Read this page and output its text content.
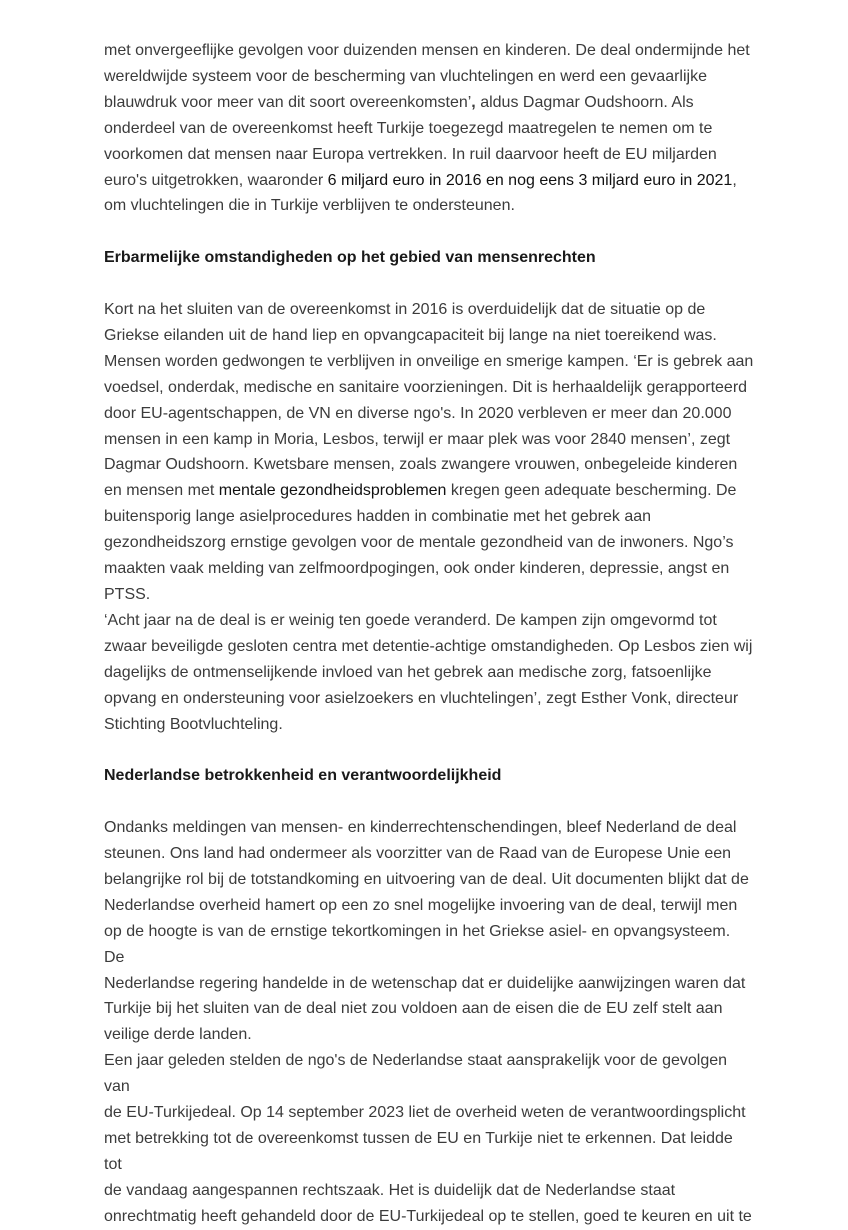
met onvergeeflijke gevolgen voor duizenden mensen en kinderen. De deal ondermijnde het
wereldwijde systeem voor de bescherming van vluchtelingen en werd een gevaarlijke
blauwdruk voor meer van dit soort overeenkomsten’, aldus Dagmar Oudshoorn. Als
onderdeel van de overeenkomst heeft Turkije toegezegd maatregelen te nemen om te
voorkomen dat mensen naar Europa vertrekken. In ruil daarvoor heeft de EU miljarden
euro's uitgetrokken, waaronder 6 miljard euro in 2016 en nog eens 3 miljard euro in 2021,
om vluchtelingen die in Turkije verblijven te ondersteunen.

Erbarmelijke omstandigheden op het gebied van mensenrechten

Kort na het sluiten van de overeenkomst in 2016 is overduidelijk dat de situatie op de
Griekse eilanden uit de hand liep en opvangcapaciteit bij lange na niet toereikend was.
Mensen worden gedwongen te verblijven in onveilige en smerige kampen. ‘Er is gebrek aan
voedsel, onderdak, medische en sanitaire voorzieningen. Dit is herhaaldelijk gerapporteerd
door EU-agentschappen, de VN en diverse ngo's. In 2020 verbleven er meer dan 20.000
mensen in een kamp in Moria, Lesbos, terwijl er maar plek was voor 2840 mensen’, zegt
Dagmar Oudshoorn. Kwetsbare mensen, zoals zwangere vrouwen, onbegeleide kinderen
en mensen met mentale gezondheidsproblemen kregen geen adequate bescherming. De
buitensporig lange asielprocedures hadden in combinatie met het gebrek aan
gezondheidszorg ernstige gevolgen voor de mentale gezondheid van de inwoners. Ngo’s
maakten vaak melding van zelfmoordpogingen, ook onder kinderen, depressie, angst en
PTSS.

‘Acht jaar na de deal is er weinig ten goede veranderd. De kampen zijn omgevormd tot
zwaar beveiligde gesloten centra met detentie-achtige omstandigheden. Op Lesbos zien wij
dagelijks de ontmenselijkende invloed van het gebrek aan medische zorg, fatsoenlijke
opvang en ondersteuning voor asielzoekers en vluchtelingen’, zegt Esther Vonk, directeur
Stichting Bootvluchteling.

Nederlandse betrokkenheid en verantwoordelijkheid

Ondanks meldingen van mensen- en kinderrechtenschendingen, bleef Nederland de deal
steunen. Ons land had ondermeer als voorzitter van de Raad van de Europese Unie een
belangrijke rol bij de totstandkoming en uitvoering van de deal. Uit documenten blijkt dat de
Nederlandse overheid hamert op een zo snel mogelijke invoering van de deal, terwijl men
op de hoogte is van de ernstige tekortkomingen in het Griekse asiel- en opvangsysteem. De
Nederlandse regering handelde in de wetenschap dat er duidelijke aanwijzingen waren dat
Turkije bij het sluiten van de deal niet zou voldoen aan de eisen die de EU zelf stelt aan
veilige derde landen.

Een jaar geleden stelden de ngo's de Nederlandse staat aansprakelijk voor de gevolgen van
de EU-Turkijedeal. Op 14 september 2023 liet de overheid weten de verantwoordingsplicht
met betrekking tot de overeenkomst tussen de EU en Turkije niet te erkennen. Dat leidde tot
de vandaag aangespannen rechtszaak. Het is duidelijk dat de Nederlandse staat
onrechtmatig heeft gehandeld door de EU-Turkijedeal op te stellen, goed te keuren en uit te
